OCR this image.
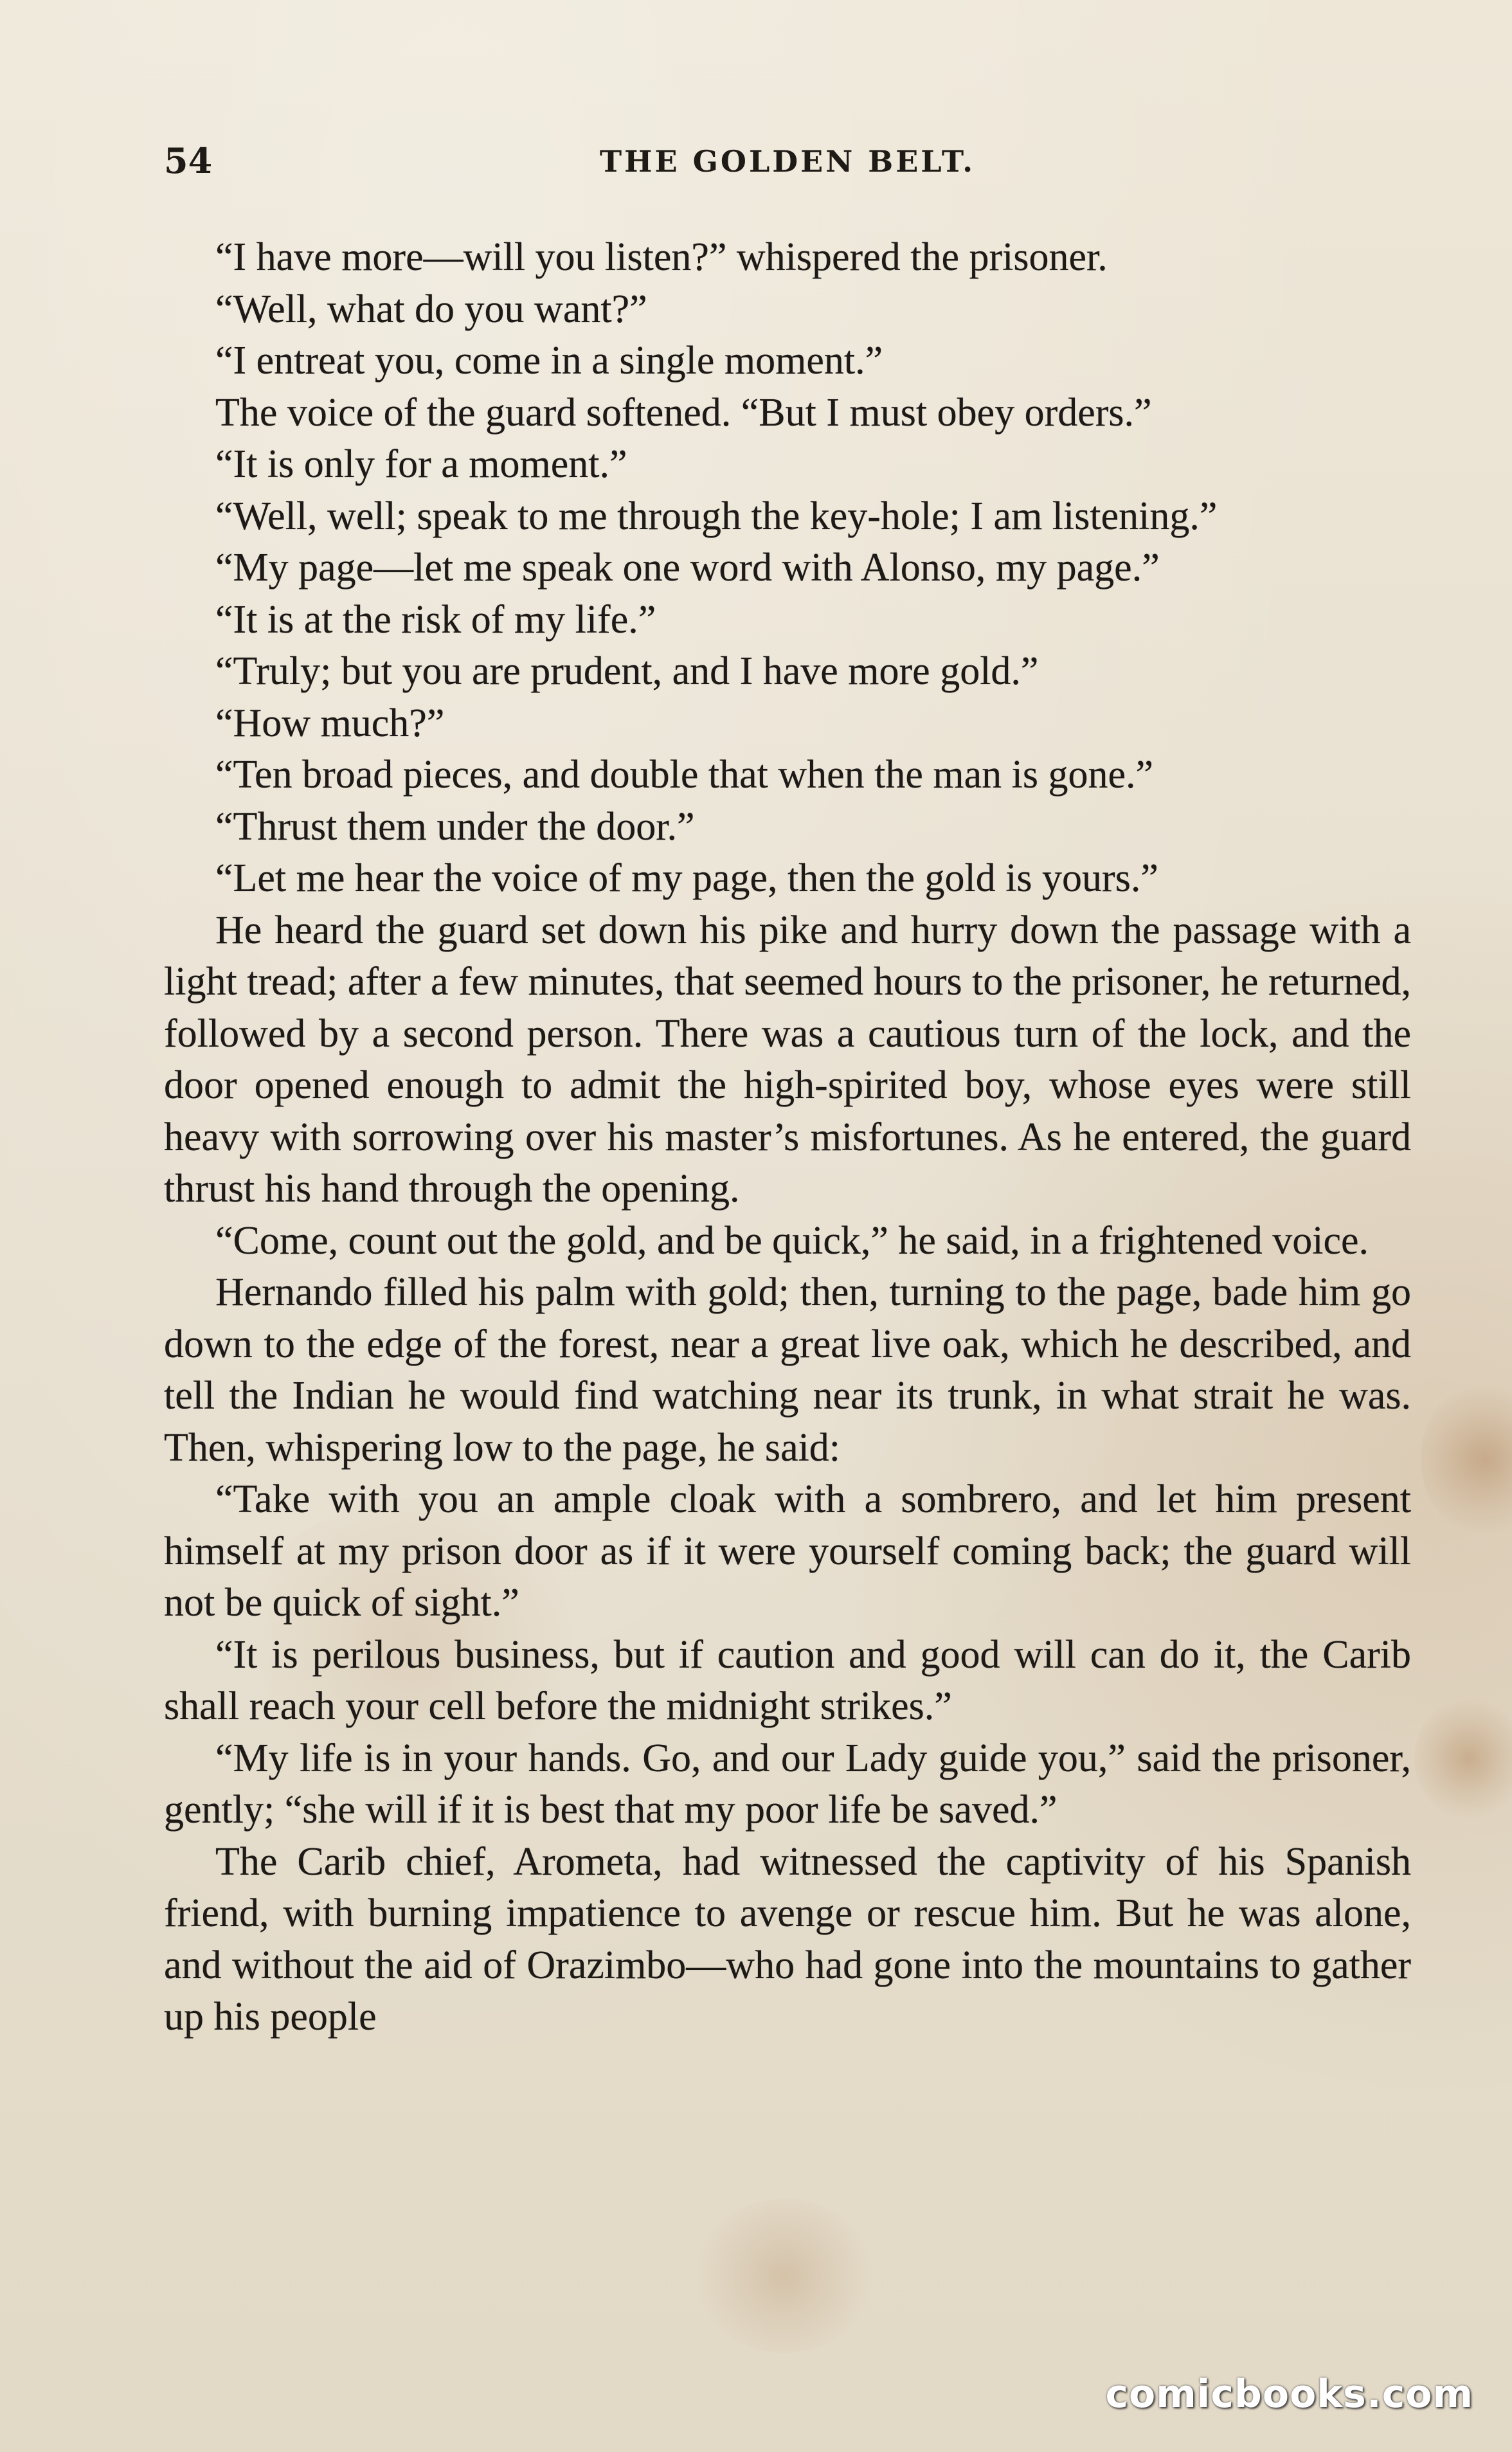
54	THE GOLDEN BELT.

“I have more—will you listen?” whispered the prisoner.

“Well, what do you want?”

“I entreat you, come in a single moment.”

The voice of the guard softened. “But I must obey orders.”

“It is only for a moment.”

“Well, well; speak to me through the key-hole; I am listening.”

“My page—let me speak one word with Alonso, my page.”

“It is at the risk of my life.”

“Truly; but you are prudent, and I have more gold.”

“How much?”

“Ten broad pieces, and double that when the man is gone.”

“Thrust them under the door.”

“Let me hear the voice of my page, then the gold is yours.”

He heard the guard set down his pike and hurry down the passage with a light tread; after a few minutes, that seemed hours to the prisoner, he returned, followed by a second person. There was a cautious turn of the lock, and the door opened enough to admit the high-spirited boy, whose eyes were still heavy with sorrowing over his master’s misfortunes. As he entered, the guard thrust his hand through the opening.

“Come, count out the gold, and be quick,” he said, in a frightened voice.

Hernando filled his palm with gold; then, turning to the page, bade him go down to the edge of the forest, near a great live oak, which he described, and tell the Indian he would find watching near its trunk, in what strait he was. Then, whispering low to the page, he said:

“Take with you an ample cloak with a sombrero, and let him present himself at my prison door as if it were yourself coming back; the guard will not be quick of sight.”

“It is perilous business, but if caution and good will can do it, the Carib shall reach your cell before the midnight strikes.”

“My life is in your hands. Go, and our Lady guide you,” said the prisoner, gently; “she will if it is best that my poor life be saved.”

The Carib chief, Arometa, had witnessed the captivity of his Spanish friend, with burning impatience to avenge or rescue him. But he was alone, and without the aid of Orazimbo—who had gone into the mountains to gather up his people

comicbooks.com
